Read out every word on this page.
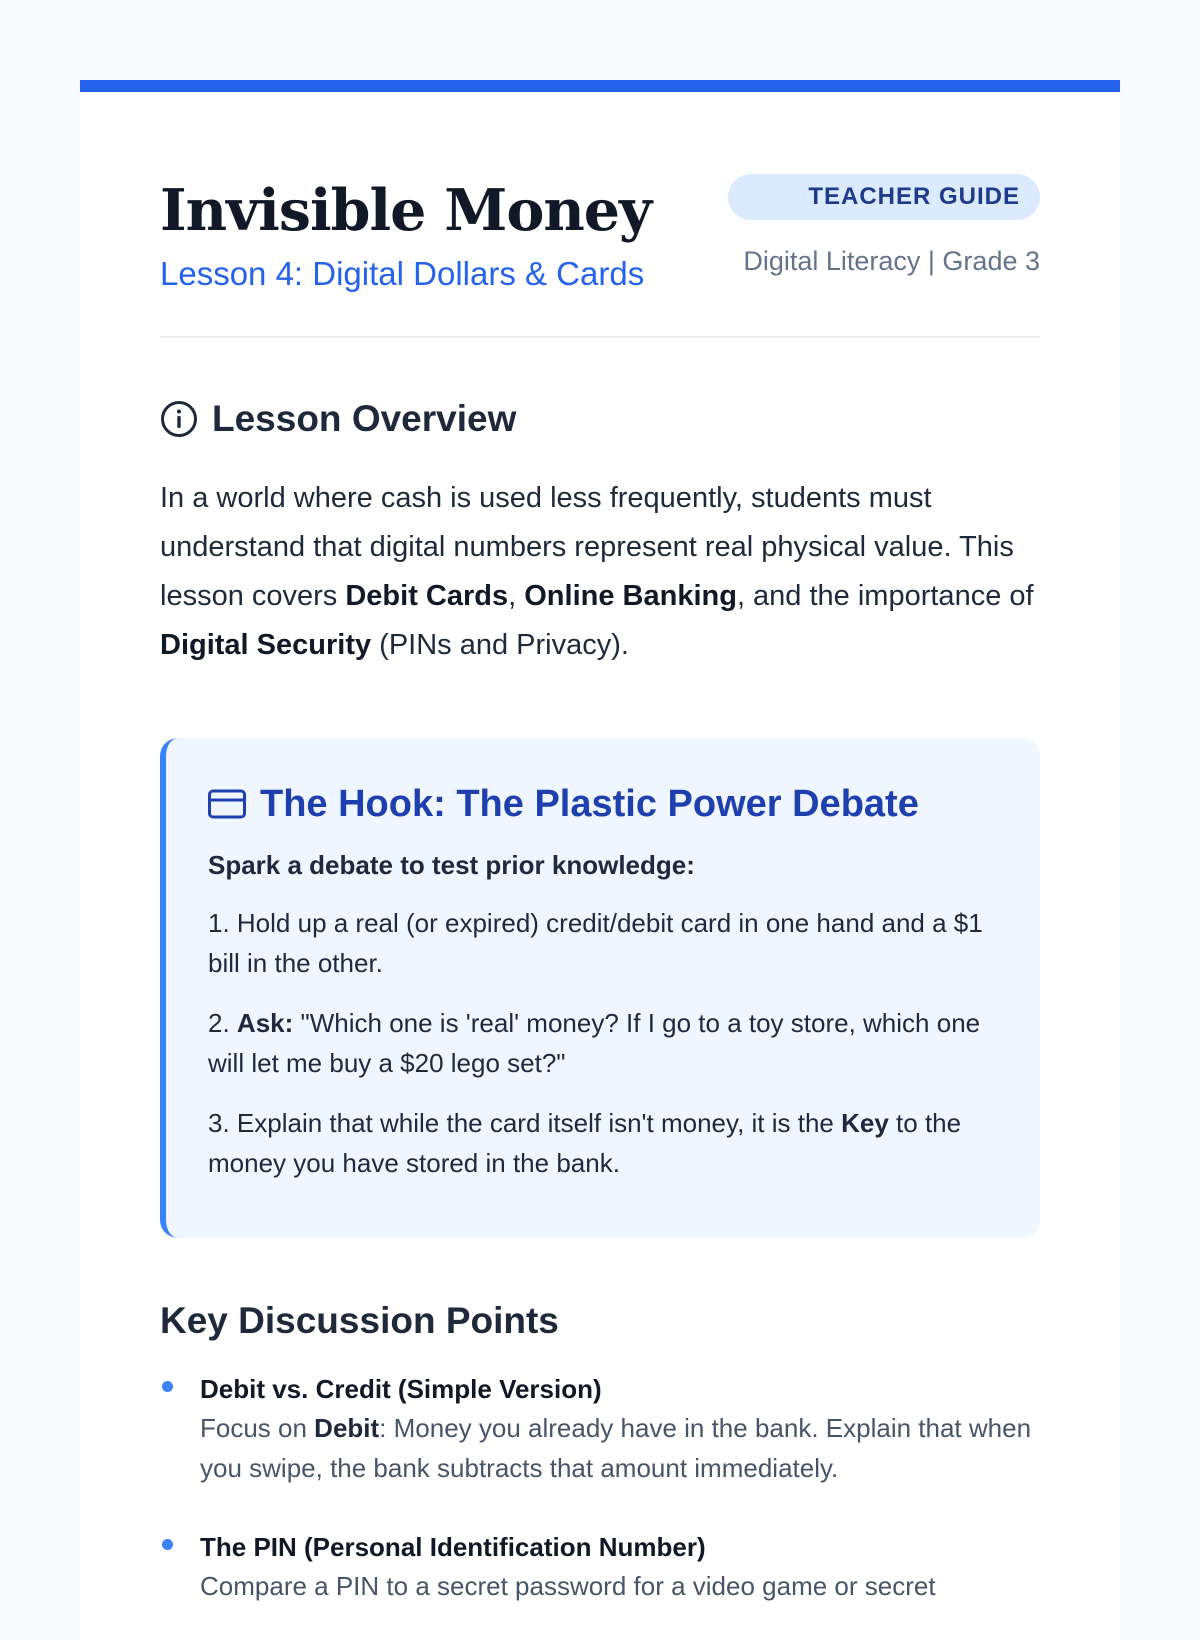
Invisible Money
Lesson 4: Digital Dollars & Cards
TEACHER GUIDE
Digital Literacy | Grade 3
Lesson Overview

In a world where cash is used less frequently, students must understand that digital numbers represent real physical value. This lesson covers Debit Cards, Online Banking, and the importance of Digital Security (PINs and Privacy).

The Hook: The Plastic Power Debate

Spark a debate to test prior knowledge:

1. Hold up a real (or expired) credit/debit card in one hand and a $1 bill in the other.

2. Ask: "Which one is 'real' money? If I go to a toy store, which one will let me buy a $20 lego set?"

3. Explain that while the card itself isn't money, it is the Key to the money you have stored in the bank.

Key Discussion Points
Debit vs. Credit (Simple Version)
Focus on Debit: Money you already have in the bank. Explain that when you swipe, the bank subtracts that amount immediately.
The PIN (Personal Identification Number)
Compare a PIN to a secret password for a video game or secret
